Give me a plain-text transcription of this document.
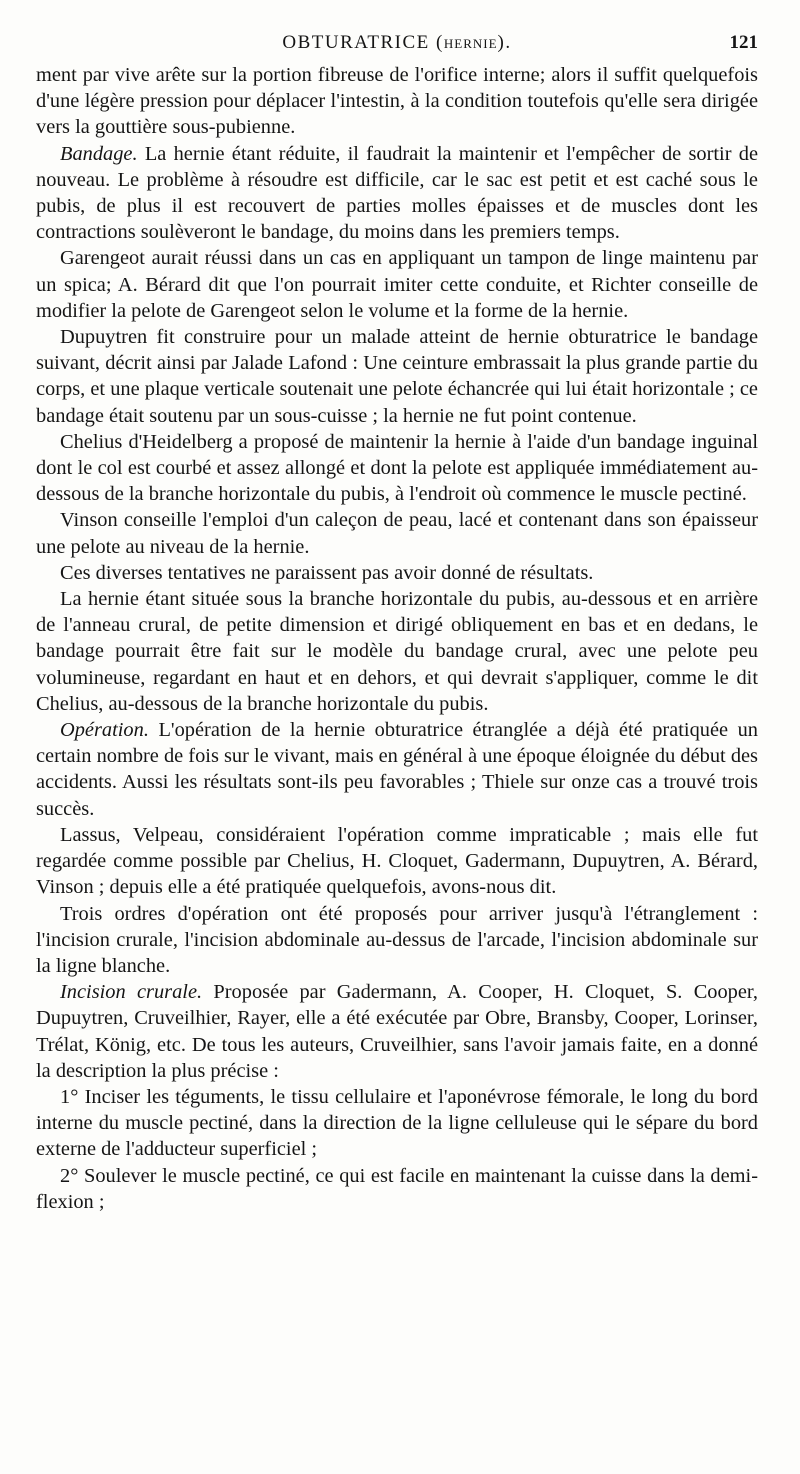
OBTURATRICE (HERNIE).	121

ment par vive arête sur la portion fibreuse de l'orifice interne; alors il suffit quelquefois d'une légère pression pour déplacer l'intestin, à la condition toutefois qu'elle sera dirigée vers la gouttière sous-pubienne.

Bandage. La hernie étant réduite, il faudrait la maintenir et l'empêcher de sortir de nouveau. Le problème à résoudre est difficile, car le sac est petit et est caché sous le pubis, de plus il est recouvert de parties molles épaisses et de muscles dont les contractions soulèveront le bandage, du moins dans les premiers temps.

Garengeot aurait réussi dans un cas en appliquant un tampon de linge maintenu par un spica; A. Bérard dit que l'on pourrait imiter cette conduite, et Richter conseille de modifier la pelote de Garengeot selon le volume et la forme de la hernie.

Dupuytren fit construire pour un malade atteint de hernie obturatrice le bandage suivant, décrit ainsi par Jalade Lafond : Une ceinture embrassait la plus grande partie du corps, et une plaque verticale soutenait une pelote échancrée qui lui était horizontale ; ce bandage était soutenu par un sous-cuisse ; la hernie ne fut point contenue.

Chelius d'Heidelberg a proposé de maintenir la hernie à l'aide d'un bandage inguinal dont le col est courbé et assez allongé et dont la pelote est appliquée immédiatement au-dessous de la branche horizontale du pubis, à l'endroit où commence le muscle pectiné.

Vinson conseille l'emploi d'un caleçon de peau, lacé et contenant dans son épaisseur une pelote au niveau de la hernie.

Ces diverses tentatives ne paraissent pas avoir donné de résultats.

La hernie étant située sous la branche horizontale du pubis, au-dessous et en arrière de l'anneau crural, de petite dimension et dirigé obliquement en bas et en dedans, le bandage pourrait être fait sur le modèle du bandage crural, avec une pelote peu volumineuse, regardant en haut et en dehors, et qui devrait s'appliquer, comme le dit Chelius, au-dessous de la branche horizontale du pubis.

Opération. L'opération de la hernie obturatrice étranglée a déjà été pratiquée un certain nombre de fois sur le vivant, mais en général à une époque éloignée du début des accidents. Aussi les résultats sont-ils peu favorables ; Thiele sur onze cas a trouvé trois succès.

Lassus, Velpeau, considéraient l'opération comme impraticable ; mais elle fut regardée comme possible par Chelius, H. Cloquet, Gadermann, Dupuytren, A. Bérard, Vinson ; depuis elle a été pratiquée quelquefois, avons-nous dit.

Trois ordres d'opération ont été proposés pour arriver jusqu'à l'étranglement : l'incision crurale, l'incision abdominale au-dessus de l'arcade, l'incision abdominale sur la ligne blanche.

Incision crurale. Proposée par Gadermann, A. Cooper, H. Cloquet, S. Cooper, Dupuytren, Cruveilhier, Rayer, elle a été exécutée par Obre, Bransby, Cooper, Lorinser, Trélat, König, etc. De tous les auteurs, Cruveilhier, sans l'avoir jamais faite, en a donné la description la plus précise :

1° Inciser les téguments, le tissu cellulaire et l'aponévrose fémorale, le long du bord interne du muscle pectiné, dans la direction de la ligne celluleuse qui le sépare du bord externe de l'adducteur superficiel ;

2° Soulever le muscle pectiné, ce qui est facile en maintenant la cuisse dans la demi-flexion ;
